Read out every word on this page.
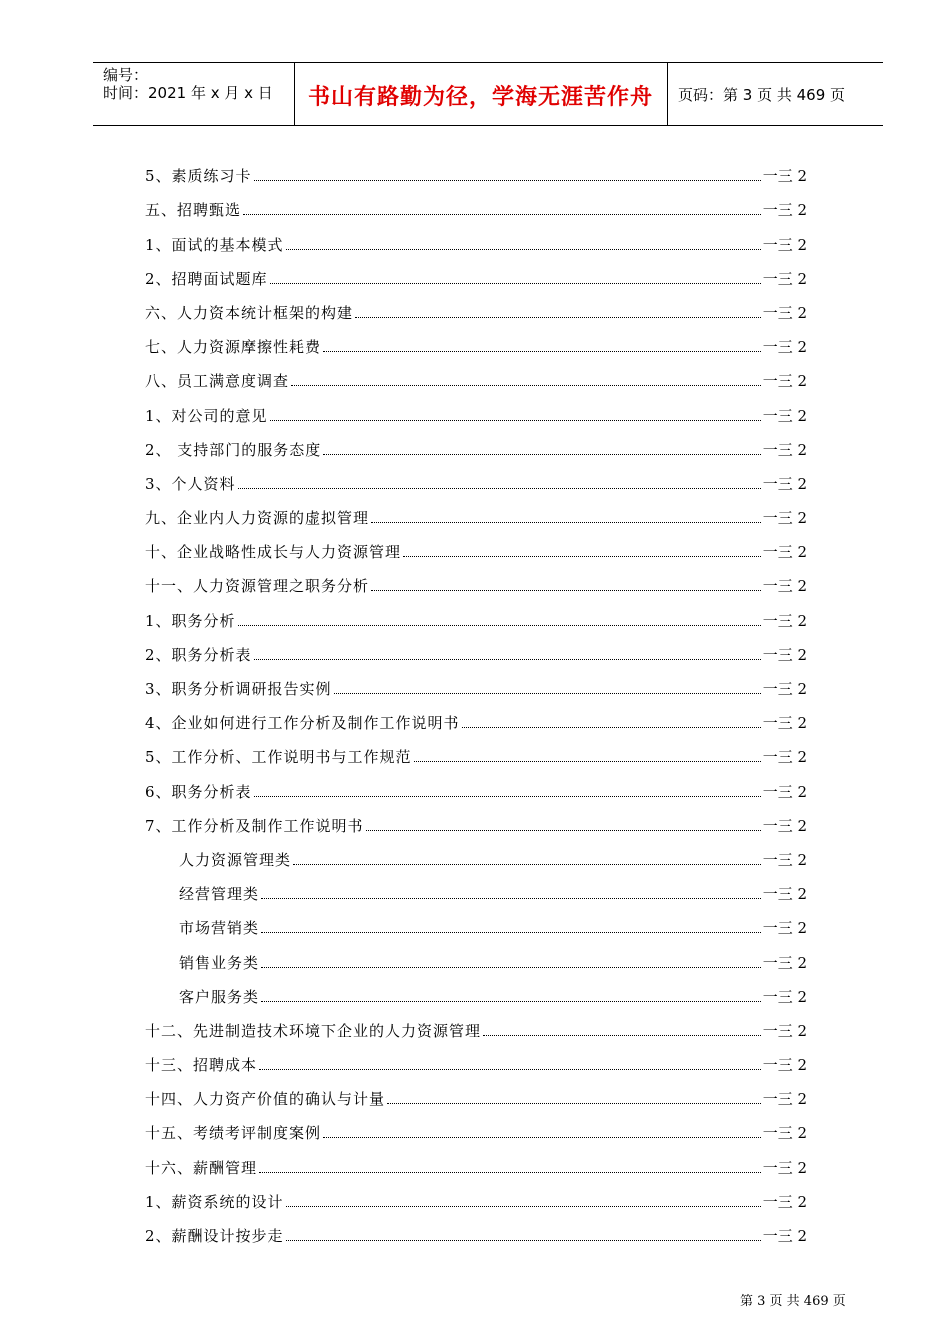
编号：
时间：2021 年 x 月 x 日	书山有路勤为径，学海无涯苦作舟	页码：第 3 页 共 469 页
5、素质练习卡	一三 2
五、招聘甄选	一三 2
1、面试的基本模式	一三 2
2、招聘面试题库	一三 2
六、人力资本统计框架的构建	一三 2
七、人力资源摩擦性耗费	一三 2
八、员工满意度调查	一三 2
1、对公司的意见	一三 2
2、 支持部门的服务态度	一三 2
3、个人资料	一三 2
九、企业内人力资源的虚拟管理	一三 2
十、企业战略性成长与人力资源管理	一三 2
十一、人力资源管理之职务分析	一三 2
1、职务分析	一三 2
2、职务分析表	一三 2
3、职务分析调研报告实例	一三 2
4、企业如何进行工作分析及制作工作说明书	一三 2
5、工作分析、工作说明书与工作规范	一三 2
6、职务分析表	一三 2
7、工作分析及制作工作说明书	一三 2
人力资源管理类	一三 2
经营管理类	一三 2
市场营销类	一三 2
销售业务类	一三 2
客户服务类	一三 2
十二、先进制造技术环境下企业的人力资源管理	一三 2
十三、招聘成本	一三 2
十四、人力资产价值的确认与计量	一三 2
十五、考绩考评制度案例	一三 2
十六、薪酬管理	一三 2
1、薪资系统的设计	一三 2
2、薪酬设计按步走	一三 2
第 3 页 共 469 页
